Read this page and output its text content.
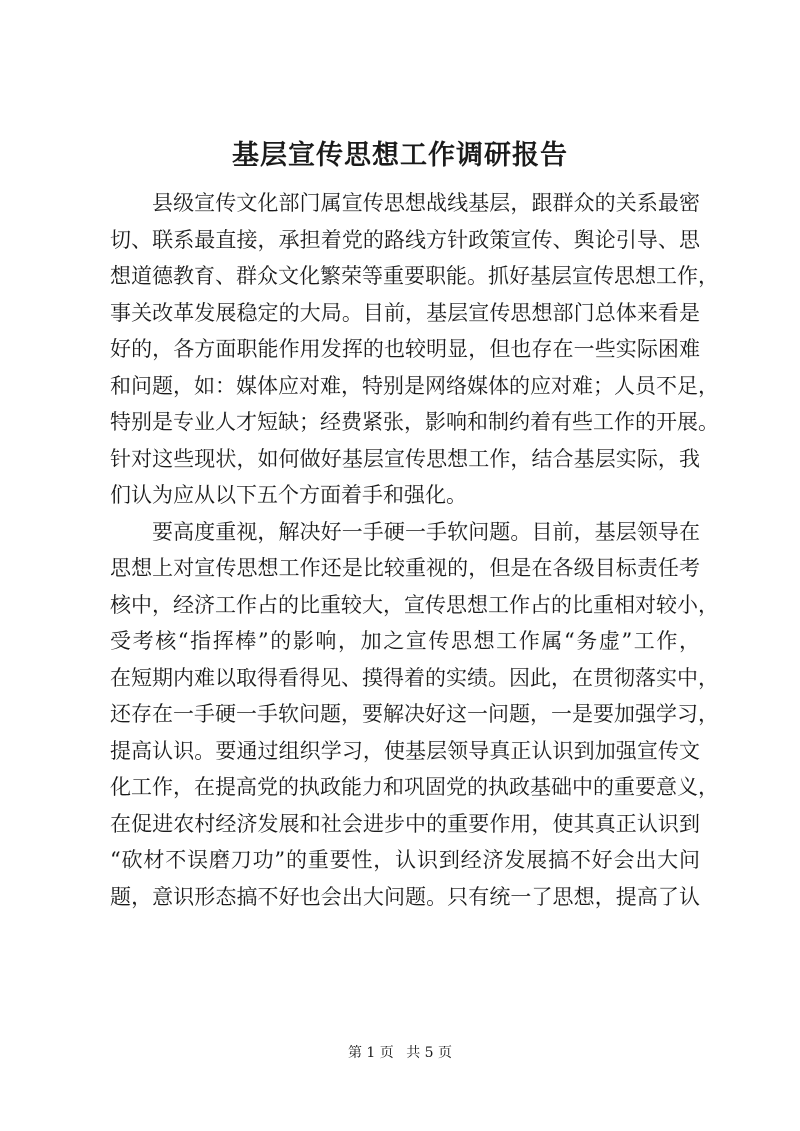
基层宣传思想工作调研报告
县级宣传文化部门属宣传思想战线基层，跟群众的关系最密
切、联系最直接，承担着党的路线方针政策宣传、舆论引导、思
想道德教育、群众文化繁荣等重要职能。抓好基层宣传思想工作，
事关改革发展稳定的大局。目前，基层宣传思想部门总体来看是
好的，各方面职能作用发挥的也较明显，但也存在一些实际困难
和问题，如：媒体应对难，特别是网络媒体的应对难；人员不足，
特别是专业人才短缺；经费紧张，影响和制约着有些工作的开展。
针对这些现状，如何做好基层宣传思想工作，结合基层实际，我
们认为应从以下五个方面着手和强化。
要高度重视，解决好一手硬一手软问题。目前，基层领导在
思想上对宣传思想工作还是比较重视的，但是在各级目标责任考
核中，经济工作占的比重较大，宣传思想工作占的比重相对较小，
受考核“指挥棒”的影响，加之宣传思想工作属“务虚”工作，
在短期内难以取得看得见、摸得着的实绩。因此，在贯彻落实中，
还存在一手硬一手软问题，要解决好这一问题，一是要加强学习，
提高认识。要通过组织学习，使基层领导真正认识到加强宣传文
化工作，在提高党的执政能力和巩固党的执政基础中的重要意义，
在促进农村经济发展和社会进步中的重要作用，使其真正认识到
“砍材不误磨刀功”的重要性，认识到经济发展搞不好会出大问
题，意识形态搞不好也会出大问题。只有统一了思想，提高了认
第 1 页 共 5 页
